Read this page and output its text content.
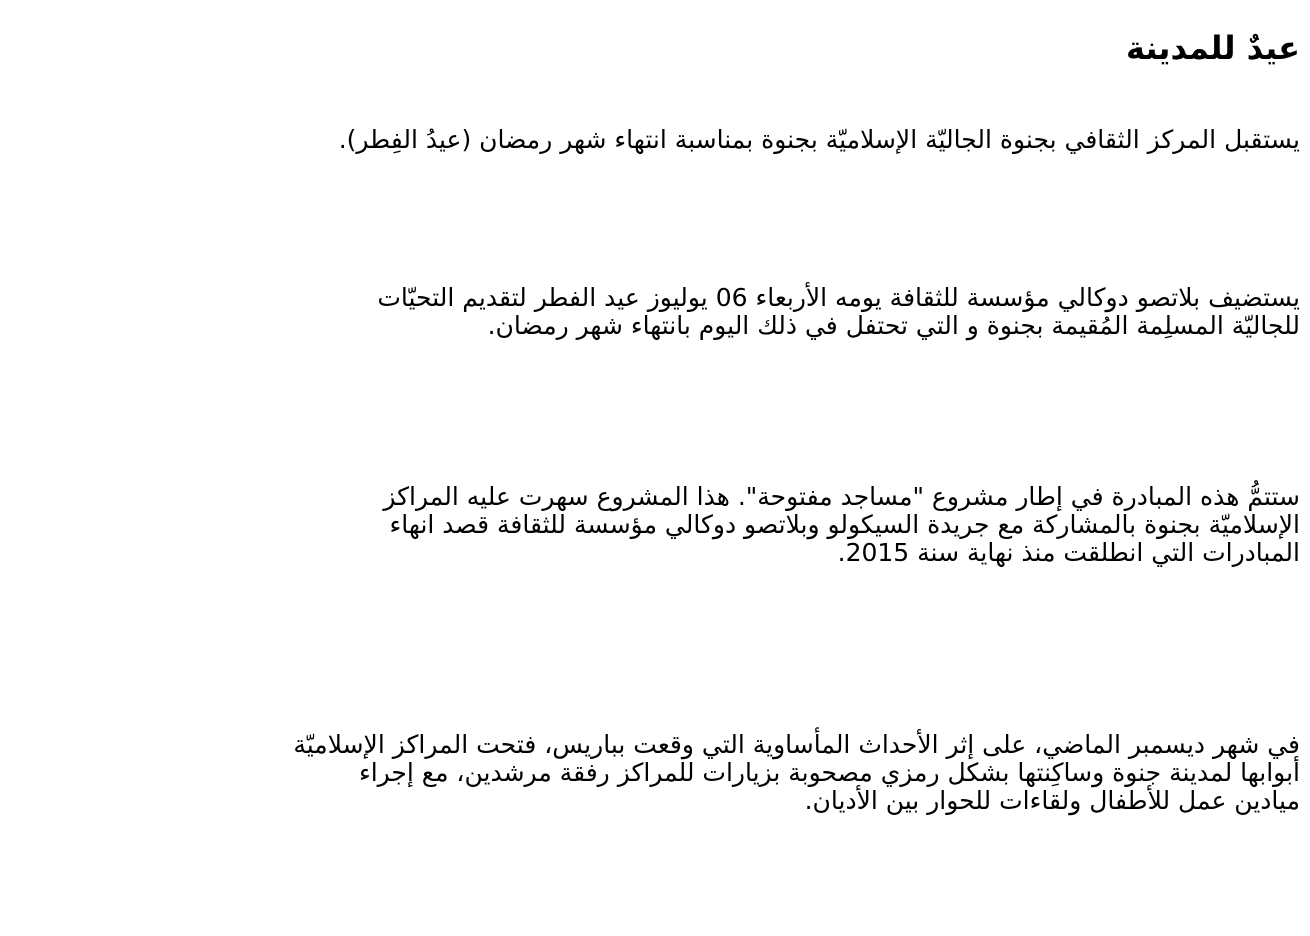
عيدٌ للمدينة

يستقبل المركز الثقافي بجنوة الجاليّة الإسلاميّة بجنوة بمناسبة انتهاء شهر رمضان (عيدُ الفِطر).

يستضيف بلاتصو دوكالي مؤسسة للثقافة يومه الأربعاء 06 يوليوز عيد الفطر لتقديم التحيّات
للجاليّة المسلِمة المُقيمة بجنوة و التي تحتفل في ذلك اليوم بانتهاء شهر رمضان.

ستتمُّ هذه المبادرة في إطار مشروع "مساجد مفتوحة". هذا المشروع سهرت عليه المراكز
الإسلاميّة بجنوة بالمشاركة مع جريدة السيكولو وبلاتصو دوكالي مؤسسة للثقافة قصد انهاء
المبادرات التي انطلقت منذ نهاية سنة 2015.

في شهر ديسمبر الماضي، على إثر الأحداث المأساوية التي وقعت بباريس، فتحت المراكز الإسلاميّة
أبوابها لمدينة جنوة وساكِنتها بشكل رمزي مصحوبة بزيارات للمراكز رفقة مرشدين، مع إجراء
ميادين عمل للأطفال ولقاءات للحوار بين الأديان.
